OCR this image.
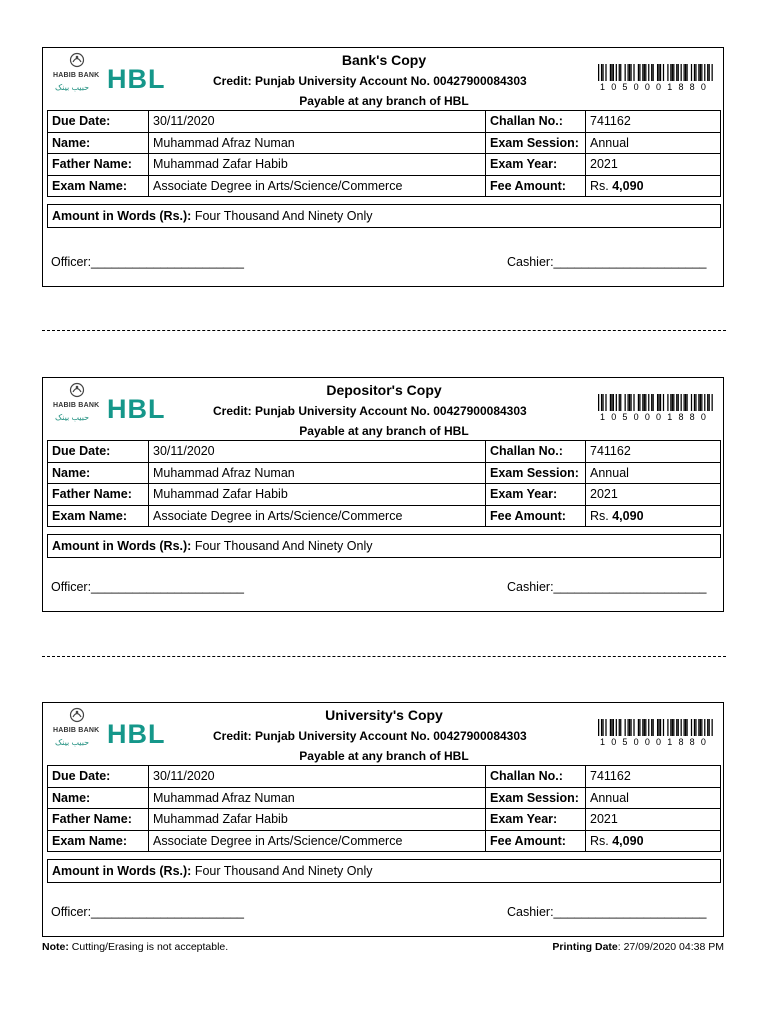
HABIB BANK
حبیب بینک HBL
Bank's Copy
Credit: Punjab University Account No. 00427900084303
Payable at any branch of HBL
1050001880
Due Date:	30/11/2020	Challan No.:	741162
Name:	Muhammad Afraz Numan	Exam Session:	Annual
Father Name:	Muhammad Zafar Habib	Exam Year:	2021
Exam Name:	Associate Degree in Arts/Science/Commerce	Fee Amount:	Rs. 4,090
Amount in Words (Rs.): Four Thousand And Ninety Only
Officer:______________________	Cashier:______________________
HABIB BANK
حبیب بینک HBL
Depositor's Copy
Credit: Punjab University Account No. 00427900084303
Payable at any branch of HBL
1050001880
Due Date:	30/11/2020	Challan No.:	741162
Name:	Muhammad Afraz Numan	Exam Session:	Annual
Father Name:	Muhammad Zafar Habib	Exam Year:	2021
Exam Name:	Associate Degree in Arts/Science/Commerce	Fee Amount:	Rs. 4,090
Amount in Words (Rs.): Four Thousand And Ninety Only
Officer:______________________	Cashier:______________________
HABIB BANK
حبیب بینک HBL
University's Copy
Credit: Punjab University Account No. 00427900084303
Payable at any branch of HBL
1050001880
Due Date:	30/11/2020	Challan No.:	741162
Name:	Muhammad Afraz Numan	Exam Session:	Annual
Father Name:	Muhammad Zafar Habib	Exam Year:	2021
Exam Name:	Associate Degree in Arts/Science/Commerce	Fee Amount:	Rs. 4,090
Amount in Words (Rs.): Four Thousand And Ninety Only
Officer:______________________	Cashier:______________________
Note: Cutting/Erasing is not acceptable.	Printing Date: 27/09/2020 04:38 PM
